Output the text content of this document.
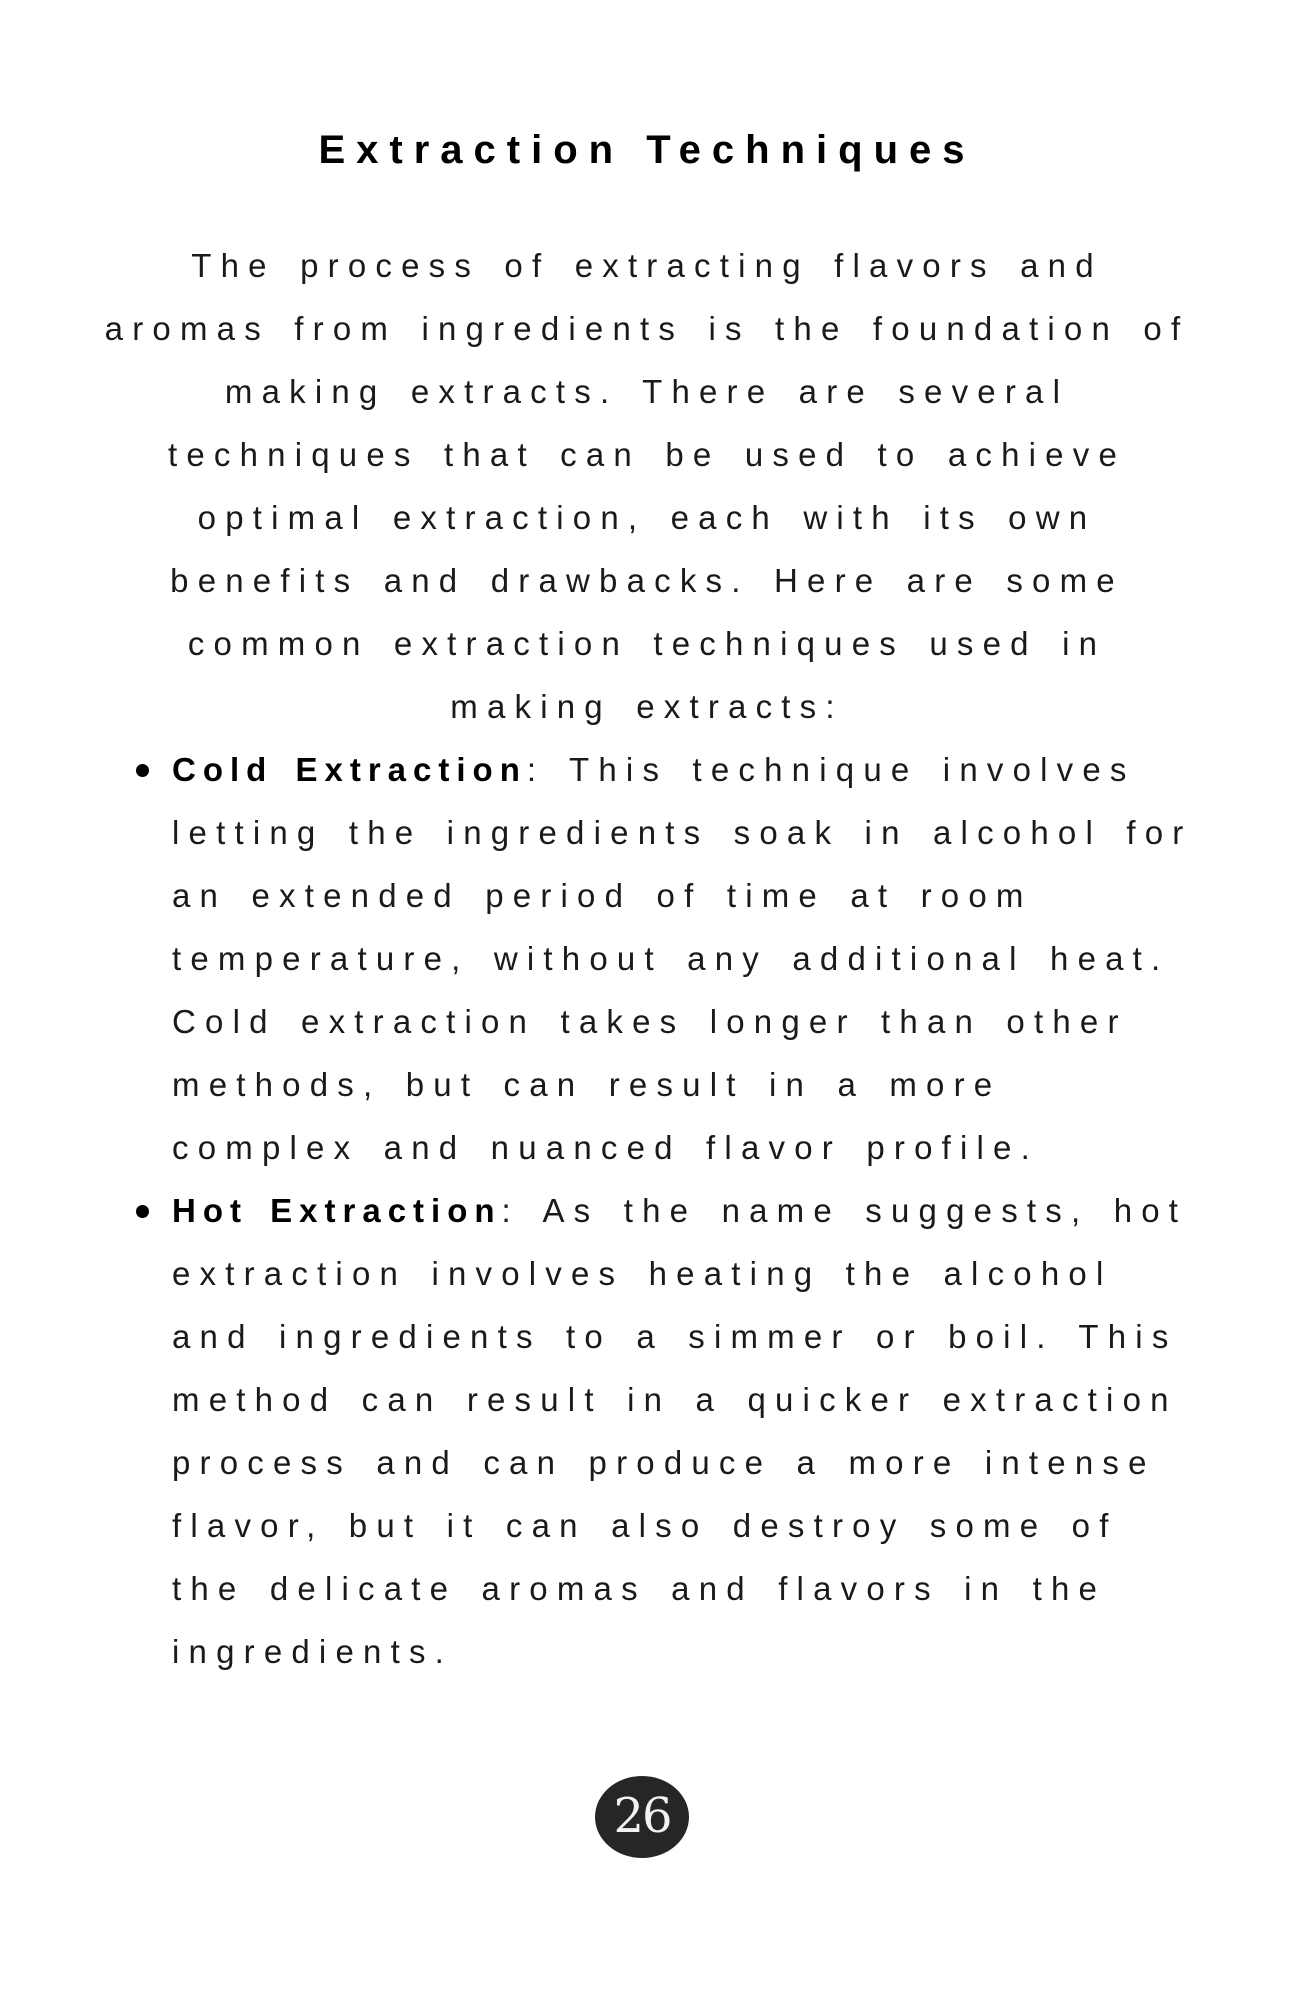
Extraction Techniques

The process of extracting flavors and aromas from ingredients is the foundation of making extracts. There are several techniques that can be used to achieve optimal extraction, each with its own benefits and drawbacks. Here are some common extraction techniques used in making extracts:

Cold Extraction: This technique involves letting the ingredients soak in alcohol for an extended period of time at room temperature, without any additional heat. Cold extraction takes longer than other methods, but can result in a more complex and nuanced flavor profile.
Hot Extraction: As the name suggests, hot extraction involves heating the alcohol and ingredients to a simmer or boil. This method can result in a quicker extraction process and can produce a more intense flavor, but it can also destroy some of the delicate aromas and flavors in the ingredients.
26
